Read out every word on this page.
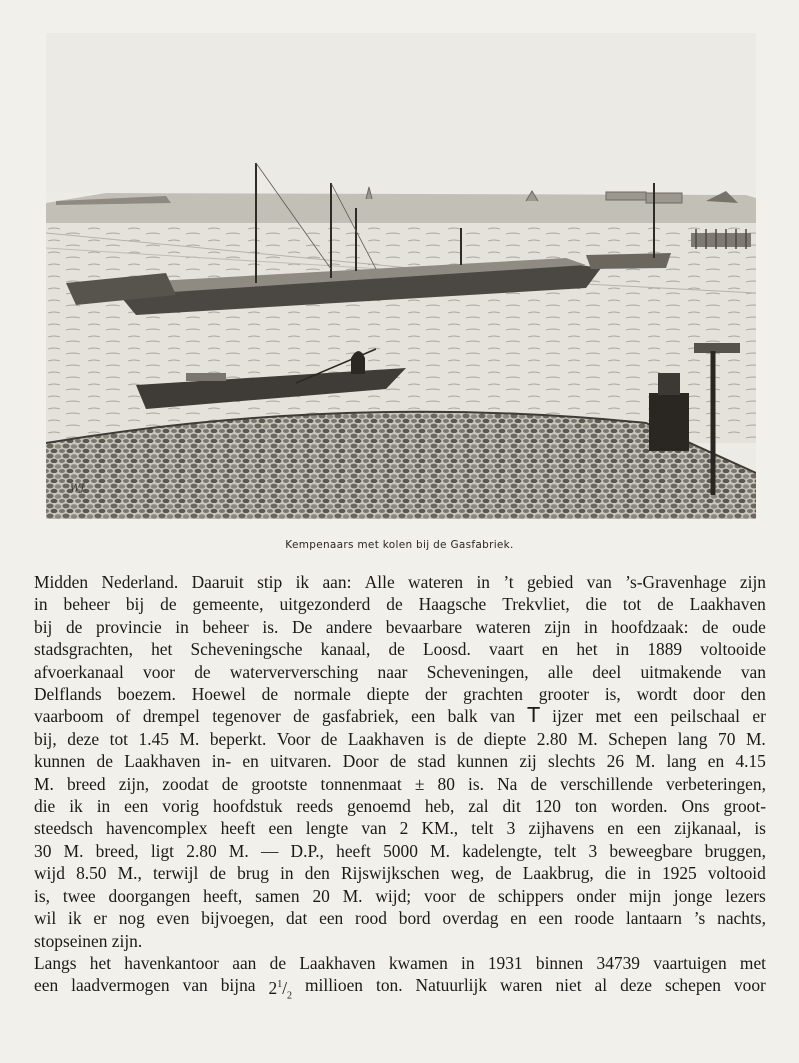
WJ
Kempenaars met kolen bij de Gasfabriek.
Midden Nederland. Daaruit stip ik aan: Alle wateren in ’t gebied van ’s-Gravenhage zijn
in beheer bij de gemeente, uitgezonderd de Haagsche Trekvliet, die tot de Laakhaven
bij de provincie in beheer is. De andere bevaarbare wateren zijn in hoofdzaak: de oude
stadsgrachten, het Scheveningsche kanaal, de Loosd. vaart en het in 1889 voltooide
afvoerkanaal voor de waterverversching naar Scheveningen, alle deel uitmakende van
Delflands boezem. Hoewel de normale diepte der grachten grooter is, wordt door den
vaarboom of drempel tegenover de gasfabriek, een balk van T ijzer met een peilschaal er
bij, deze tot 1.45 M. beperkt. Voor de Laakhaven is de diepte 2.80 M. Schepen lang 70 M.
kunnen de Laakhaven in- en uitvaren. Door de stad kunnen zij slechts 26 M. lang en 4.15
M. breed zijn, zoodat de grootste tonnenmaat ± 80 is. Na de verschillende verbeteringen,
die ik in een vorig hoofdstuk reeds genoemd heb, zal dit 120 ton worden. Ons groot-
steedsch havencomplex heeft een lengte van 2 KM., telt 3 zijhavens en een zijkanaal, is
30 M. breed, ligt 2.80 M. — D.P., heeft 5000 M. kadelengte, telt 3 beweegbare bruggen,
wijd 8.50 M., terwijl de brug in den Rijswijkschen weg, de Laakbrug, die in 1925 voltooid
is, twee doorgangen heeft, samen 20 M. wijd; voor de schippers onder mijn jonge lezers
wil ik er nog even bijvoegen, dat een rood bord overdag en een roode lantaarn ’s nachts,
stopseinen zijn.
Langs het havenkantoor aan de Laakhaven kwamen in 1931 binnen 34739 vaartuigen met
een laadvermogen van bijna $2^1/_2$
millioen ton. Natuurlijk waren niet al deze schepen voor
